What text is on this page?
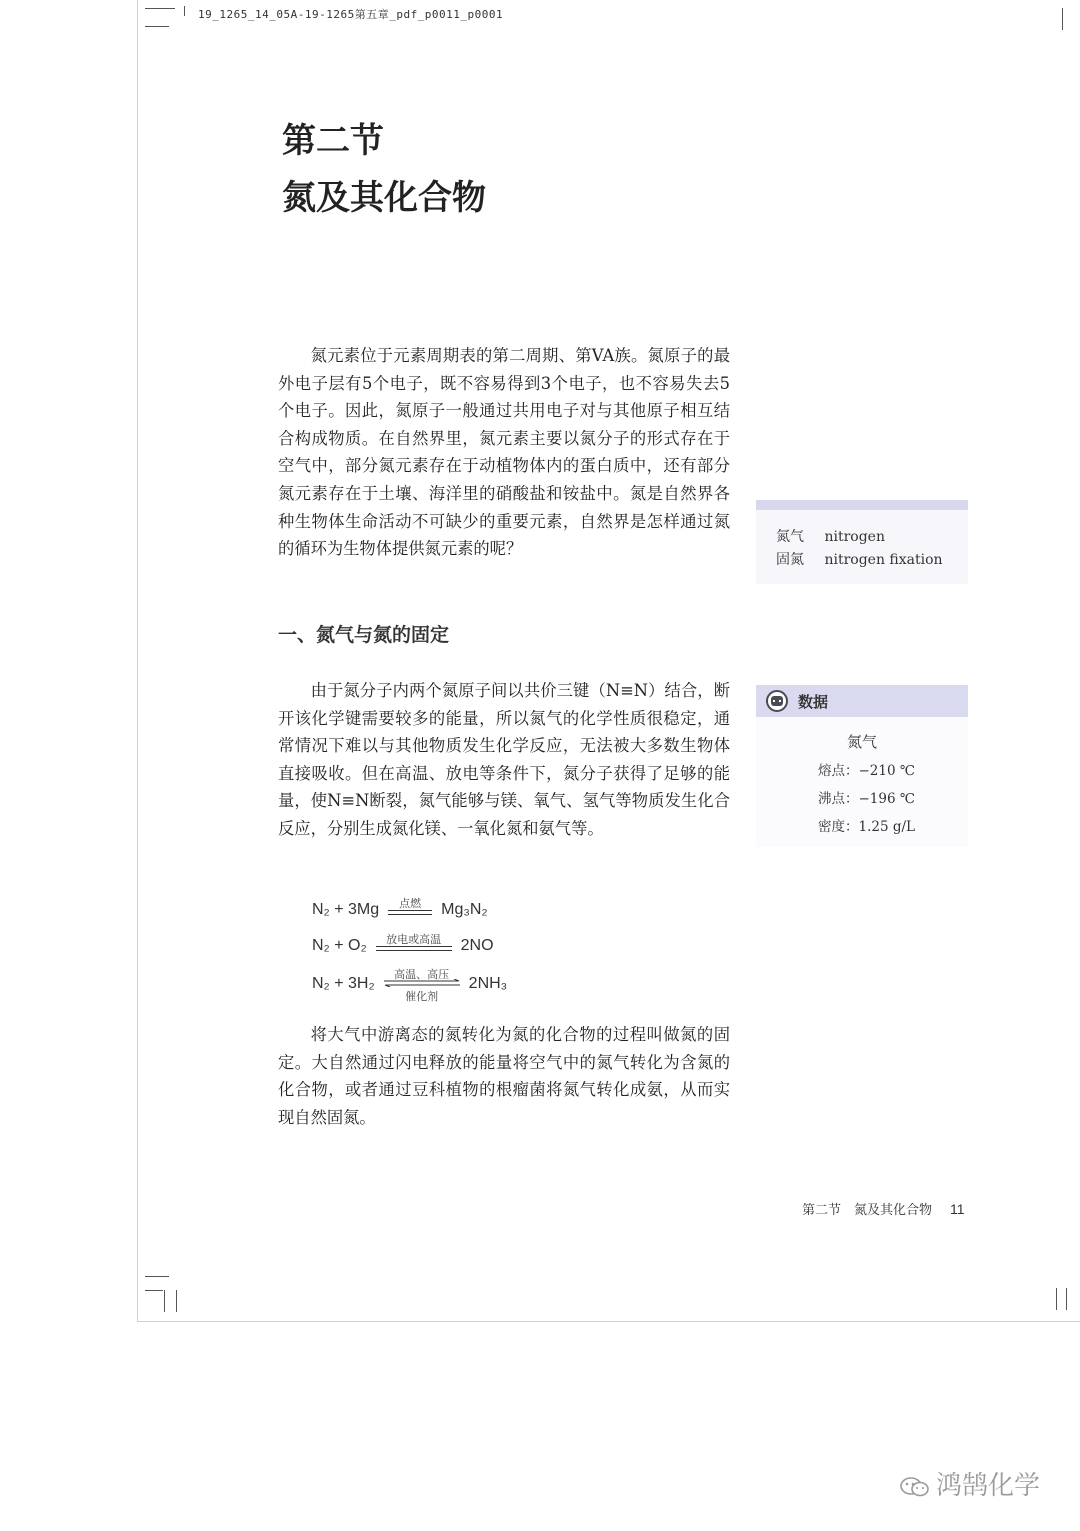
19_1265_14_05A-19-1265第五章_pdf_p0011_p0001
第二节
氮及其化合物
氮元素位于元素周期表的第二周期、第VA族。氮原子的最外电子层有5个电子，既不容易得到3个电子，也不容易失去5个电子。因此，氮原子一般通过共用电子对与其他原子相互结合构成物质。在自然界里，氮元素主要以氮分子的形式存在于空气中，部分氮元素存在于动植物体内的蛋白质中，还有部分氮元素存在于土壤、海洋里的硝酸盐和铵盐中。氮是自然界各种生物体生命活动不可缺少的重要元素，自然界是怎样通过氮的循环为生物体提供氮元素的呢？
一、氮气与氮的固定
由于氮分子内两个氮原子间以共价三键（N≡N）结合，断开该化学键需要较多的能量，所以氮气的化学性质很稳定，通常情况下难以与其他物质发生化学反应，无法被大多数生物体直接吸收。但在高温、放电等条件下，氮分子获得了足够的能量，使N≡N断裂，氮气能够与镁、氧气、氢气等物质发生化合反应，分别生成氮化镁、一氧化氮和氨气等。
N₂ + 3Mg	点燃	Mg₃N₂
N₂ + O₂	放电或高温	2NO
N₂ + 3H₂
高温、高压
催化剂
2NH₃
将大气中游离态的氮转化为氮的化合物的过程叫做氮的固定。大自然通过闪电释放的能量将空气中的氮气转化为含氮的化合物，或者通过豆科植物的根瘤菌将氮气转化成氨，从而实现自然固氮。
氮气 nitrogen
固氮 nitrogen fixation
数据
氮气
熔点：−210 ℃
沸点：−196 ℃
密度：1.25 g/L
第二节　氮及其化合物 11
鸿鹄化学
